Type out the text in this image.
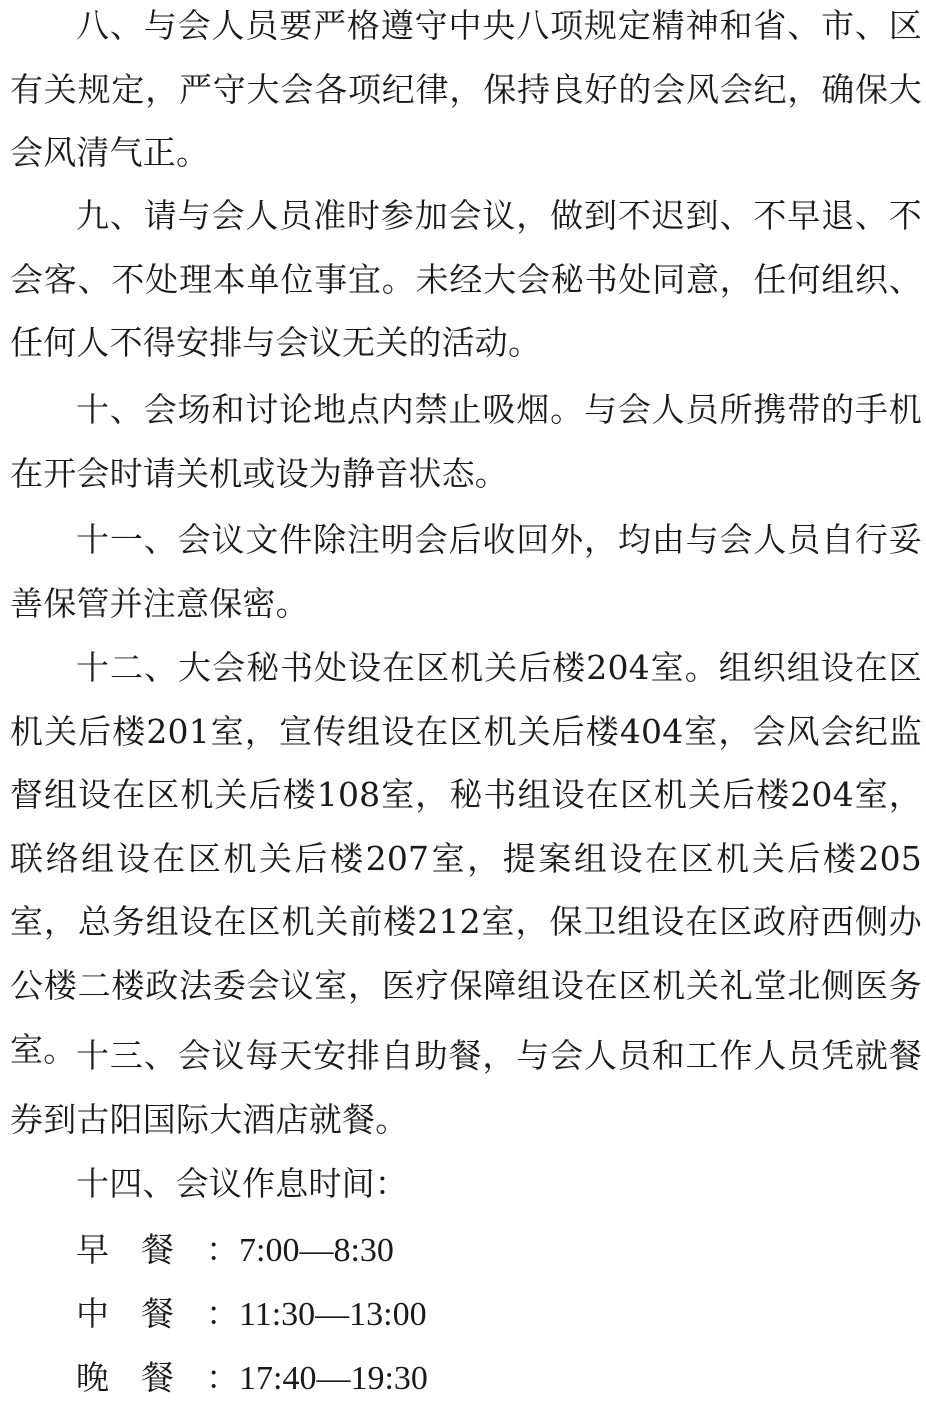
八、与会人员要严格遵守中央八项规定精神和省、市、区有关规定，严守大会各项纪律，保持良好的会风会纪，确保大会风清气正。

九、请与会人员准时参加会议，做到不迟到、不早退、不会客、不处理本单位事宜。未经大会秘书处同意，任何组织、任何人不得安排与会议无关的活动。

十、会场和讨论地点内禁止吸烟。与会人员所携带的手机在开会时请关机或设为静音状态。

十一、会议文件除注明会后收回外，均由与会人员自行妥善保管并注意保密。

十二、大会秘书处设在区机关后楼204室。组织组设在区机关后楼201室，宣传组设在区机关后楼404室，会风会纪监督组设在区机关后楼108室，秘书组设在区机关后楼204室，联络组设在区机关后楼207室，提案组设在区机关后楼205室，总务组设在区机关前楼212室，保卫组设在区政府西侧办公楼二楼政法委会议室，医疗保障组设在区机关礼堂北侧医务室。 十三、会议每天安排自助餐，与会人员和工作人员凭就餐券到古阳国际大酒店就餐。

十四、会议作息时间：

早餐：7:00—8:30
中餐：11:30—13:00
晚餐：17:40—19:30
